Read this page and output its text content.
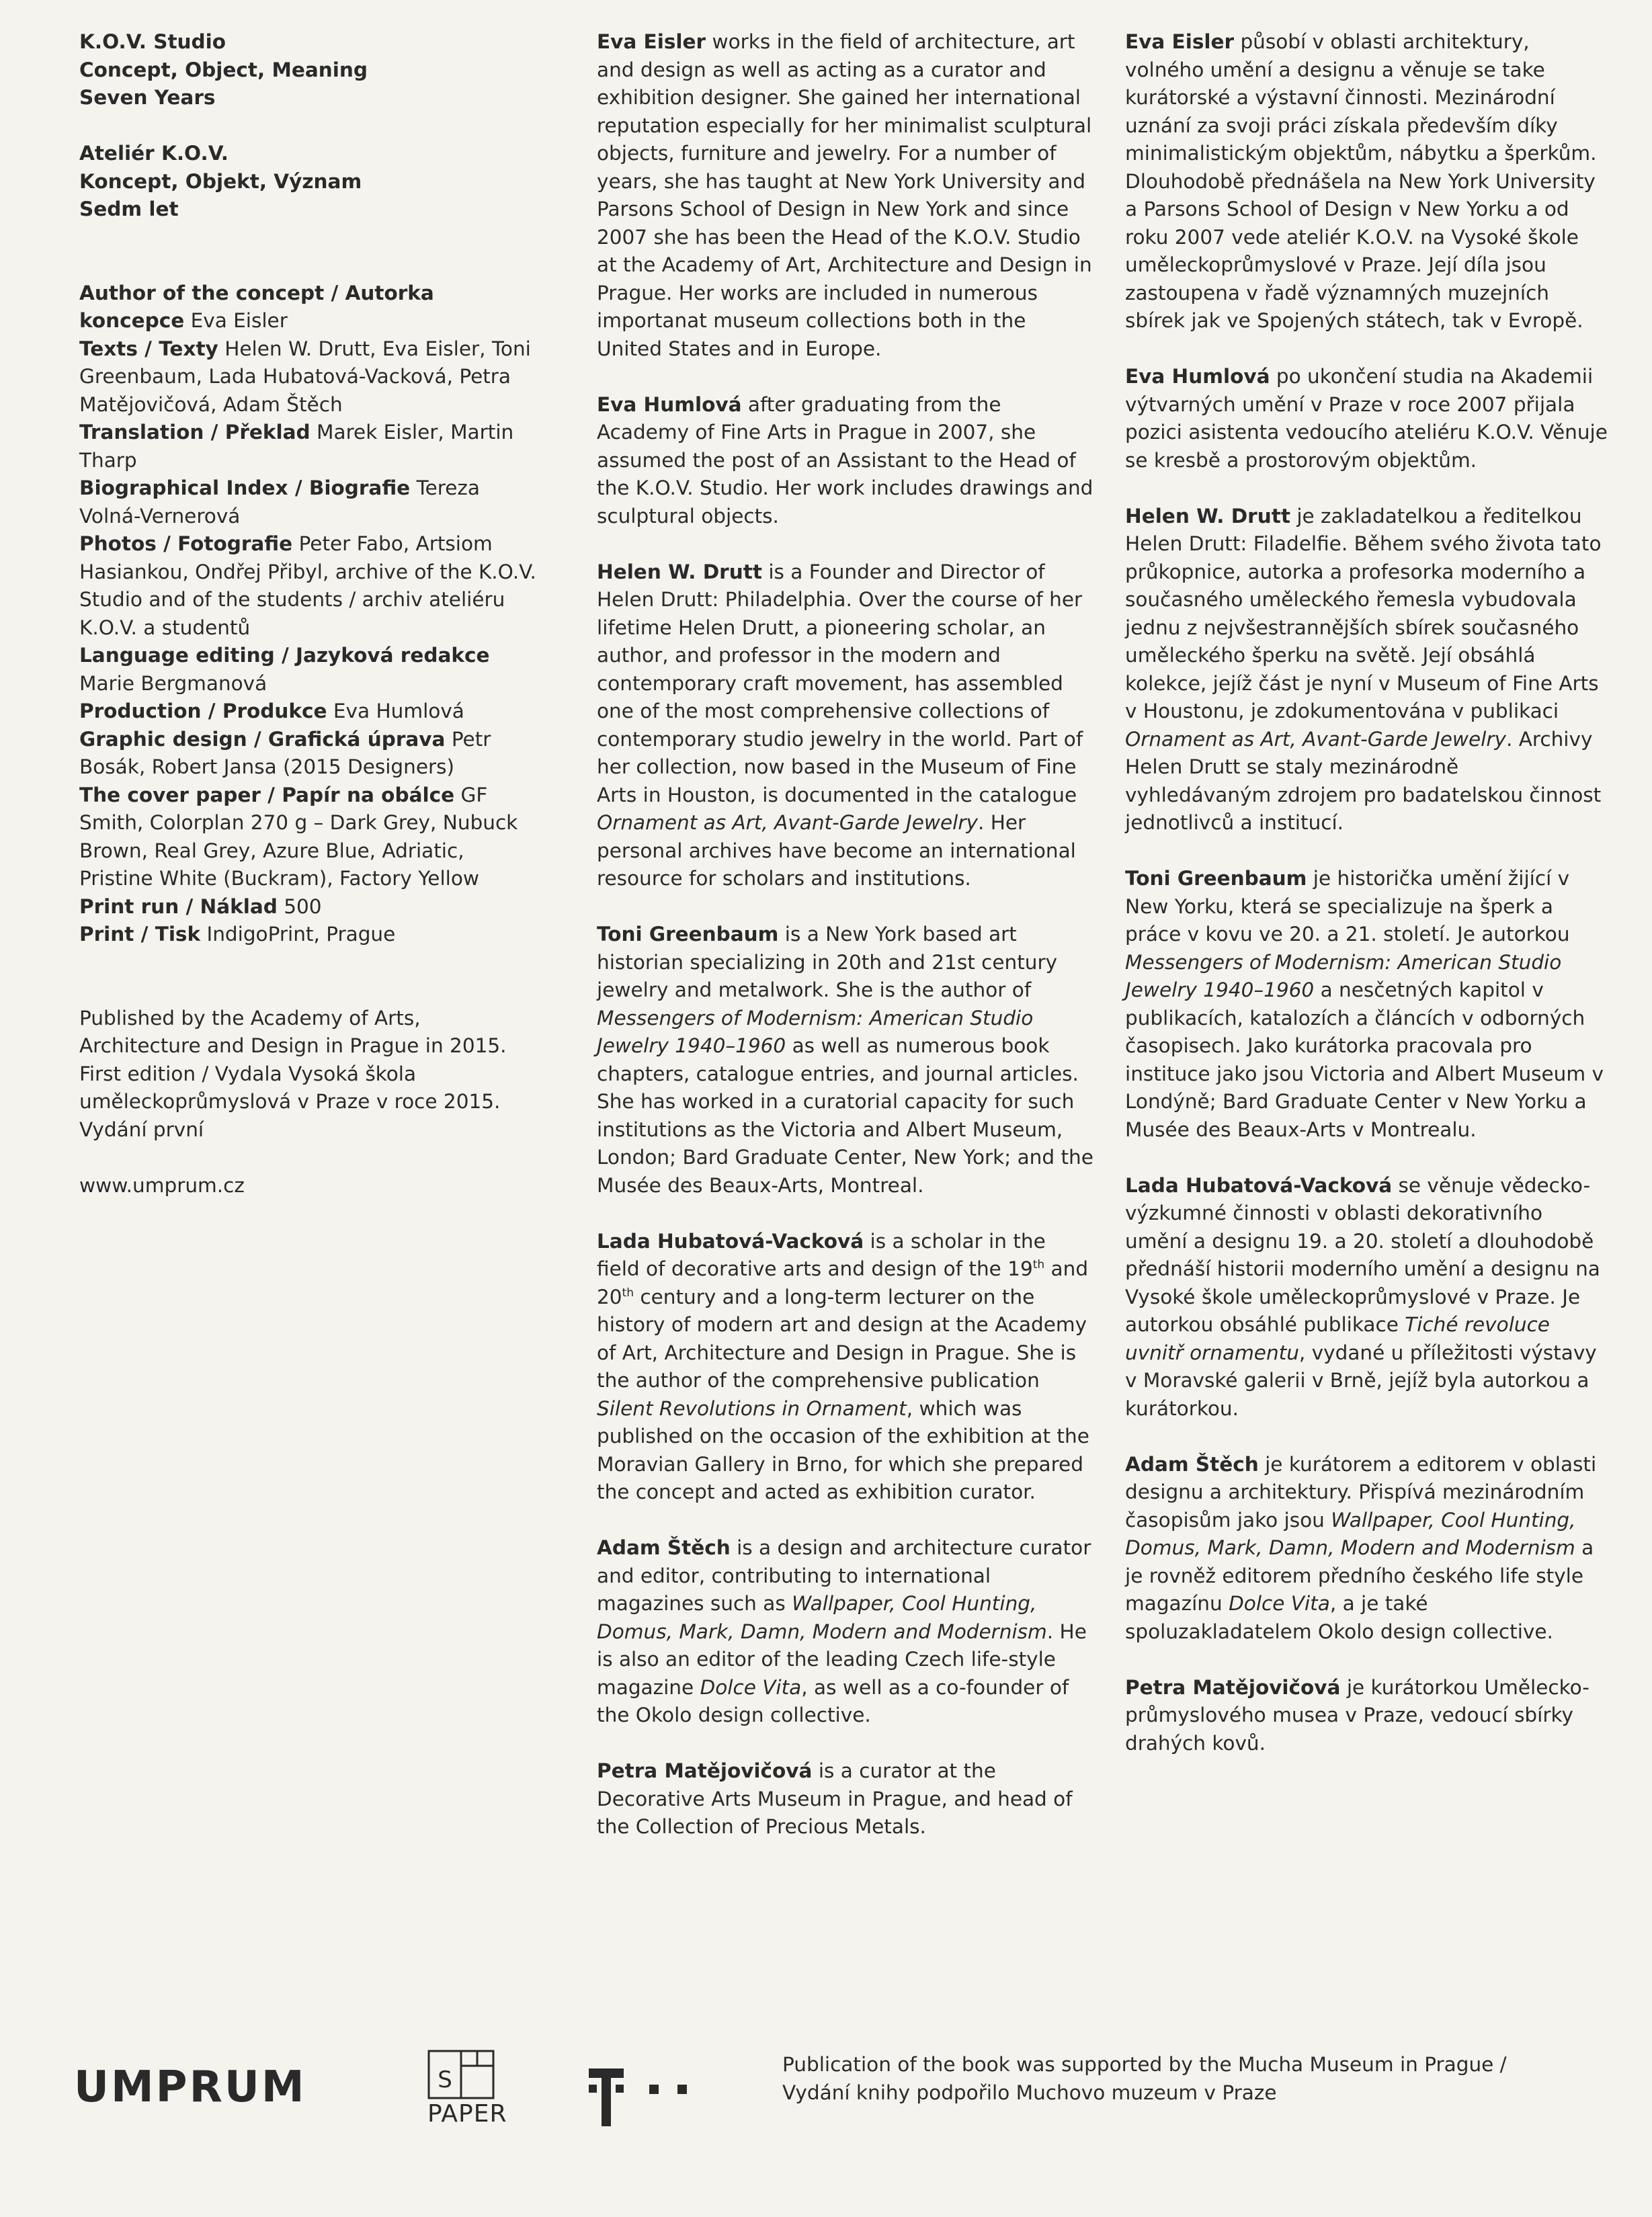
K.O.V. Studio

Concept, Object, Meaning

Seven Years

Ateliér K.O.V.

Koncept, Objekt, Význam

Sedm let

Author of the concept / Autorka koncepce Eva Eisler

Texts / Texty Helen W. Drutt, Eva Eisler, Toni Greenbaum, Lada Hubatová-Vacková, Petra Matějovičová, Adam Štěch

Translation / Překlad Marek Eisler, Martin Tharp

Biographical Index / Biografie Tereza Volná-Vernerová

Photos / Fotografie Peter Fabo, Artsiom Hasiankou, Ondřej Přibyl, archive of the K.O.V. Studio and of the students / archiv ateliéru K.O.V. a studentů

Language editing / Jazyková redakce Marie Bergmanová

Production / Produkce Eva Humlová

Graphic design / Grafická úprava Petr Bosák, Robert Jansa (2015 Designers)

The cover paper / Papír na obálce GF Smith, Colorplan 270 g – Dark Grey, Nubuck Brown, Real Grey, Azure Blue, Adriatic, Pristine White (Buckram), Factory Yellow

Print run / Náklad 500

Print / Tisk IndigoPrint, Prague

Published by the Academy of Arts, Architecture and Design in Prague in 2015. First edition / Vydala Vysoká škola uměleckoprůmyslová v Praze v roce 2015. Vydání první

www.umprum.cz

Eva Eisler works in the field of architecture, art and design as well as acting as a curator and exhibition designer. She gained her international reputation especially for her minimalist sculptural objects, furniture and jewelry. For a number of years, she has taught at New York University and Parsons School of Design in New York and since 2007 she has been the Head of the K.O.V. Studio at the Academy of Art, Architecture and Design in Prague. Her works are included in numerous importanat museum collections both in the United States and in Europe.

Eva Humlová after graduating from the Academy of Fine Arts in Prague in 2007, she assumed the post of an Assistant to the Head of the K.O.V. Studio. Her work includes drawings and sculptural objects.

Helen W. Drutt is a Founder and Director of Helen Drutt: Philadelphia. Over the course of her lifetime Helen Drutt, a pioneering scholar, an author, and professor in the modern and contemporary craft movement, has assembled one of the most comprehensive collections of contemporary studio jewelry in the world. Part of her collection, now based in the Museum of Fine Arts in Houston, is documented in the catalogue Ornament as Art, Avant-Garde Jewelry. Her personal archives have become an international resource for scholars and institutions.

Toni Greenbaum is a New York based art historian specializing in 20th and 21st century jewelry and metalwork. She is the author of Messengers of Modernism: American Studio Jewelry 1940–1960 as well as numerous book chapters, catalogue entries, and journal articles. She has worked in a curatorial capacity for such institutions as the Victoria and Albert Museum, London; Bard Graduate Center, New York; and the Musée des Beaux-Arts, Montreal.

Lada Hubatová-Vacková is a scholar in the field of decorative arts and design of the 19th and 20th century and a long-term lecturer on the history of modern art and design at the Academy of Art, Architecture and Design in Prague. She is the author of the comprehensive publication Silent Revolutions in Ornament, which was published on the occasion of the exhibition at the Moravian Gallery in Brno, for which she prepared the concept and acted as exhibition curator.

Adam Štěch is a design and architecture curator and editor, contributing to international magazines such as Wallpaper, Cool Hunting, Domus, Mark, Damn, Modern and Modernism. He is also an editor of the leading Czech life-style magazine Dolce Vita, as well as a co-founder of the Okolo design collective.

Petra Matějovičová is a curator at the Decorative Arts Museum in Prague, and head of the Collection of Precious Metals.

Eva Eisler působí v oblasti architektury, volného umění a designu a věnuje se take kurátorské a výstavní činnosti. Mezinárodní uznání za svoji práci získala především díky minimalistickým objektům, nábytku a šperkům. Dlouhodobě přednášela na New York University a Parsons School of Design v New Yorku a od roku 2007 vede ateliér K.O.V. na Vysoké škole uměleckoprůmyslové v Praze. Její díla jsou zastoupena v řadě významných muzejních sbírek jak ve Spojených státech, tak v Evropě.

Eva Humlová po ukončení studia na Akademii výtvarných umění v Praze v roce 2007 přijala pozici asistenta vedoucího ateliéru K.O.V. Věnuje se kresbě a prostorovým objektům.

Helen W. Drutt je zakladatelkou a ředitelkou Helen Drutt: Filadelfie. Během svého života tato průkopnice, autorka a profesorka moderního a současného uměleckého řemesla vybudovala jednu z nejvšestrannějších sbírek současného uměleckého šperku na světě. Její obsáhlá kolekce, jejíž část je nyní v Museum of Fine Arts v Houstonu, je zdokumentována v publikaci Ornament as Art, Avant-Garde Jewelry. Archivy Helen Drutt se staly mezinárodně vyhledávaným zdrojem pro badatelskou činnost jednotlivců a institucí.

Toni Greenbaum je historička umění žijící v New Yorku, která se specializuje na šperk a práce v kovu ve 20. a 21. století. Je autorkou Messengers of Modernism: American Studio Jewelry 1940–1960 a nesčetných kapitol v publikacích, katalozích a článcích v odborných časopisech. Jako kurátorka pracovala pro instituce jako jsou Victoria and Albert Museum v Londýně; Bard Graduate Center v New Yorku a Musée des Beaux-Arts v Montrealu.

Lada Hubatová-Vacková se věnuje vědecko-výzkumné činnosti v oblasti dekorativního umění a designu 19. a 20. století a dlouhodobě přednáší historii moderního umění a designu na Vysoké škole uměleckoprůmyslové v Praze. Je autorkou obsáhlé publikace Tiché revoluce uvnitř ornamentu, vydané u příležitosti výstavy v Moravské galerii v Brně, jejíž byla autorkou a kurátorkou.

Adam Štěch je kurátorem a editorem v oblasti designu a architektury. Přispívá mezinárodním časopisům jako jsou Wallpaper, Cool Hunting, Domus, Mark, Damn, Modern and Modernism a je rovněž editorem předního českého life style magazínu Dolce Vita, a je také spoluzakladatelem Okolo design collective.

Petra Matějovičová je kurátorkou Umělecko-průmyslového musea v Praze, vedoucí sbírky drahých kovů.

UMPRUM	S
PAPER

Publication of the book was supported by the Mucha Museum in Prague /

Vydání knihy podpořilo Muchovo muzeum v Praze
